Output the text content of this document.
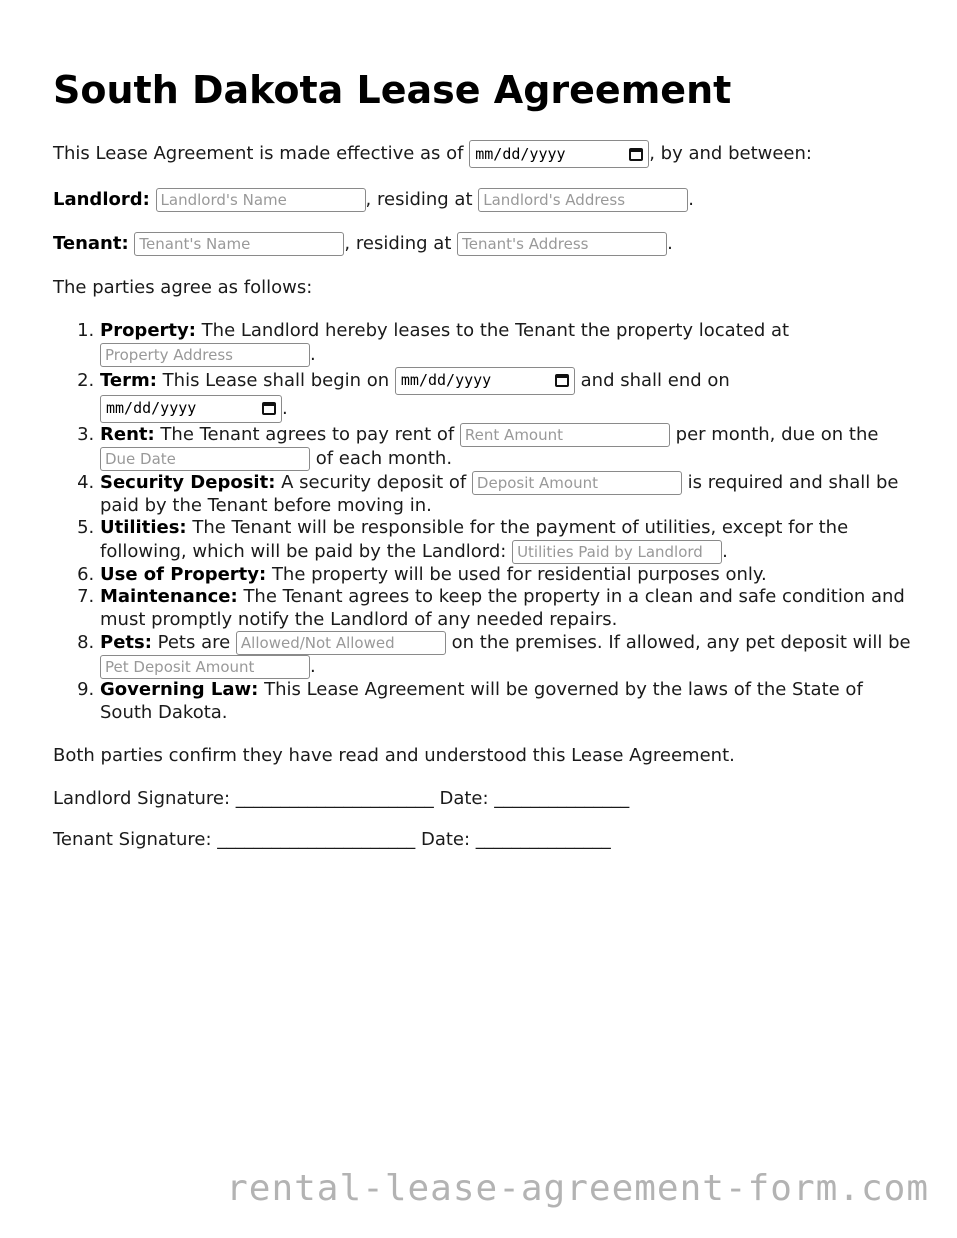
South Dakota Lease Agreement

This Lease Agreement is made effective as of mm/dd/yyyy	, by and between:

Landlord: Landlord's Name	, residing at Landlord's Address	.

Tenant: Tenant's Name	, residing at Tenant's Address	.

The parties agree as follows:

1. Property: The Landlord hereby leases to the Tenant the property located at Property Address	.
2. Term: This Lease shall begin on mm/dd/yyyy	and shall end on
mm/dd/yyyy	.
3. Rent: The Tenant agrees to pay rent of Rent Amount	per month, due on the Due Date	of each month.
4. Security Deposit: A security deposit of Deposit Amount	is required and shall be paid by the Tenant before moving in.
5. Utilities: The Tenant will be responsible for the payment of utilities, except for the following, which will be paid by the Landlord: Utilities Paid by Landlord .
6. Use of Property: The property will be used for residential purposes only.
7. Maintenance: The Tenant agrees to keep the property in a clean and safe condition and must promptly notify the Landlord of any needed repairs.
8. Pets: Pets are Allowed/Not Allowed	on the premises. If allowed, any pet deposit will be Pet Deposit Amount	.
9. Governing Law: This Lease Agreement will be governed by the laws of the State of South Dakota.

Both parties confirm they have read and understood this Lease Agreement.

Landlord Signature: ______________________ Date: _______________

Tenant Signature: ______________________ Date: _______________

rental-lease-agreement-form.com
